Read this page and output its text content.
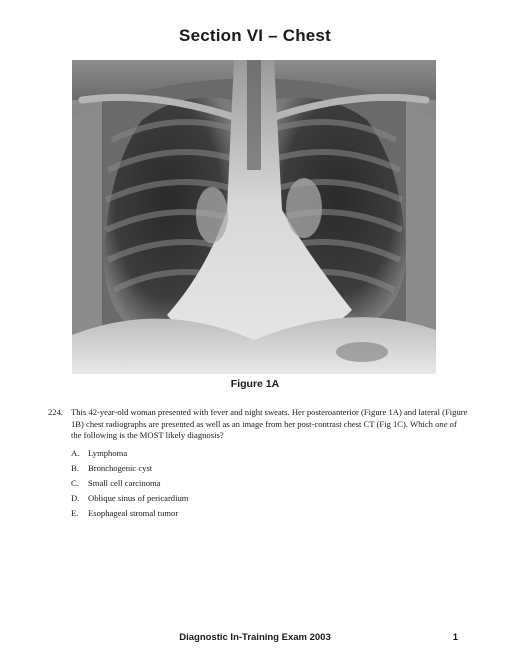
Section VI – Chest
Figure 1A
224. This 42-year-old woman presented with fever and night sweats. Her posteroanterior (Figure 1A) and lateral (Figure 1B) chest radiographs are presented as well as an image from her post-contrast chest CT (Fig 1C). Which one of the following is the MOST likely diagnosis?
A. Lymphoma
B. Bronchogenic cyst
C. Small cell carcinoma
D. Oblique sinus of pericardium
E. Esophageal stromal tumor
Diagnostic In-Training Exam 2003	1
